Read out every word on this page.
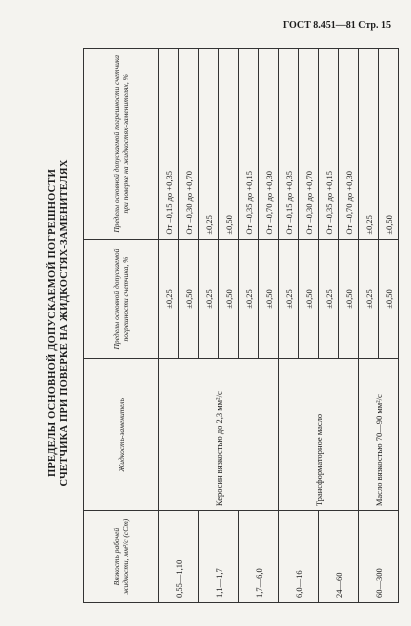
ГОСТ 8.451—81 Стр. 15
ПРЕДЕЛЫ ОСНОВНОЙ ДОПУСКАЕМОЙ ПОГРЕШНОСТИ СЧЕТЧИКА ПРИ ПОВЕРКЕ НА ЖИДКОСТЯХ-ЗАМЕНИТЕЛЯХ
Вязкость рабочей жидкости, мм²/с (сСт)	Жидкость-заменитель	Пределы основной допускаемой погрешности счетчика, %	Пределы основной допускаемой погрешности счетчика при поверке на жидкостях-заменителях, %
0,55—1,10	Керосин вязкостью до 2,3 мм²/с	±0,25	От –0,15 до +0,35
		±0,50	От –0,30 до +0,70
1,1—1,7		±0,25	±0,25
		±0,50	±0,50
1,7—6,0		±0,25	От –0,35 до +0,15
		±0,50	От –0,70 до +0,30
6,0—16	Трансформаторное масло	±0,25	От –0,15 до +0,35
		±0,50	От –0,30 до +0,70
24—60		±0,25	От –0,35 до +0,15
		±0,50	От –0,70 до +0,30
60—300	Масло вязкостью 70—90 мм²/с	±0,25	±0,25
		±0,50	±0,50
